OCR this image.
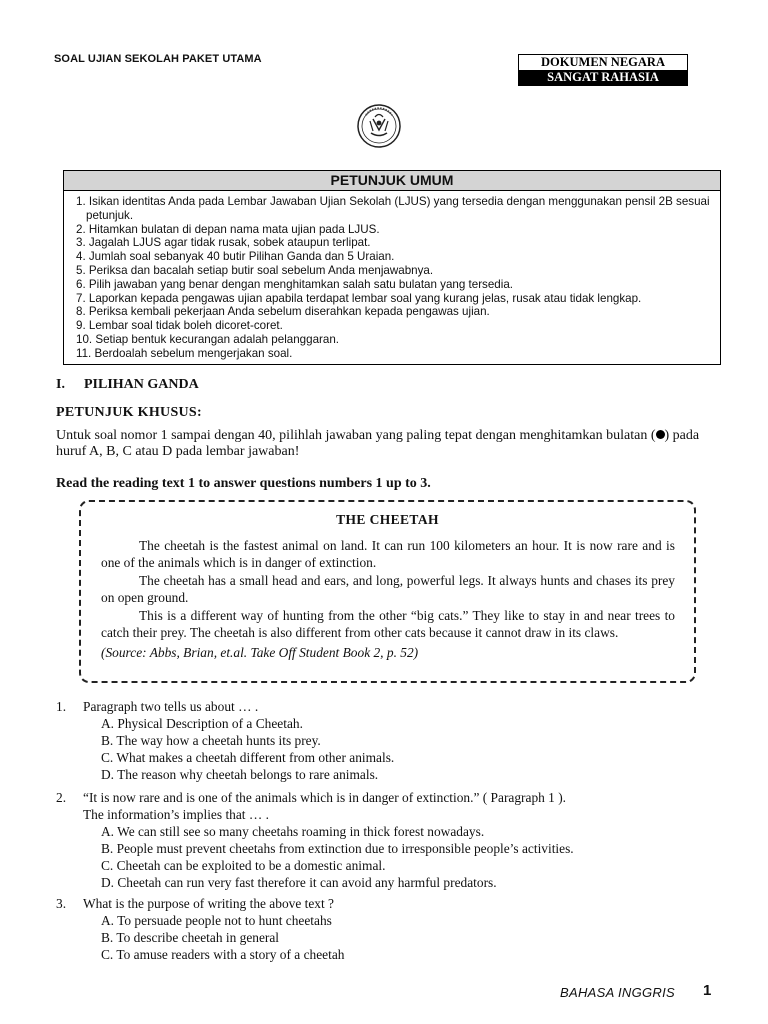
SOAL UJIAN SEKOLAH PAKET UTAMA	DOKUMEN NEGARA
SANGAT RAHASIA
PETUNJUK UMUM
1. Isikan identitas Anda pada Lembar Jawaban Ujian Sekolah (LJUS) yang tersedia dengan menggunakan pensil 2B sesuai petunjuk.
2. Hitamkan bulatan di depan nama mata ujian pada LJUS.
3. Jagalah LJUS agar tidak rusak, sobek ataupun terlipat.
4. Jumlah soal sebanyak 40 butir Pilihan Ganda dan 5 Uraian.
5. Periksa dan bacalah setiap butir soal sebelum Anda menjawabnya.
6. Pilih jawaban yang benar dengan menghitamkan salah satu bulatan yang tersedia.
7. Laporkan kepada pengawas ujian apabila terdapat lembar soal yang kurang jelas, rusak atau tidak lengkap.
8. Periksa kembali pekerjaan Anda sebelum diserahkan kepada pengawas ujian.
9. Lembar soal tidak boleh dicoret-coret.
10. Setiap bentuk kecurangan adalah pelanggaran.
11. Berdoalah sebelum mengerjakan soal.
I. PILIHAN GANDA
PETUNJUK KHUSUS:
Untuk soal nomor 1 sampai dengan 40, pilihlah jawaban yang paling tepat dengan menghitamkan bulatan ( ) pada huruf A, B, C atau D pada lembar jawaban!
Read the reading text 1 to answer questions numbers 1 up to 3.
THE CHEETAH

The cheetah is the fastest animal on land. It can run 100 kilometers an hour. It is now rare and is one of the animals which is in danger of extinction.

The cheetah has a small head and ears, and long, powerful legs. It always hunts and chases its prey on open ground.

This is a different way of hunting from the other “big cats.” They like to stay in and near trees to catch their prey. The cheetah is also different from other cats because it cannot draw in its claws.

(Source: Abbs, Brian, et.al. Take Off Student Book 2, p. 52)

1. Paragraph two tells us about … .
A. Physical Description of a Cheetah.
B. The way how a cheetah hunts its prey.
C. What makes a cheetah different from other animals.
D. The reason why cheetah belongs to rare animals.
2. “It is now rare and is one of the animals which is in danger of extinction.” ( Paragraph 1 ).
The information’s implies that … .
A. We can still see so many cheetahs roaming in thick forest nowadays.
B. People must prevent cheetahs from extinction due to irresponsible people’s activities.
C. Cheetah can be exploited to be a domestic animal.
D. Cheetah can run very fast therefore it can avoid any harmful predators.
3. What is the purpose of writing the above text ?
A. To persuade people not to hunt cheetahs
B. To describe cheetah in general
C. To amuse readers with a story of a cheetah
BAHASA INGGRIS 1
